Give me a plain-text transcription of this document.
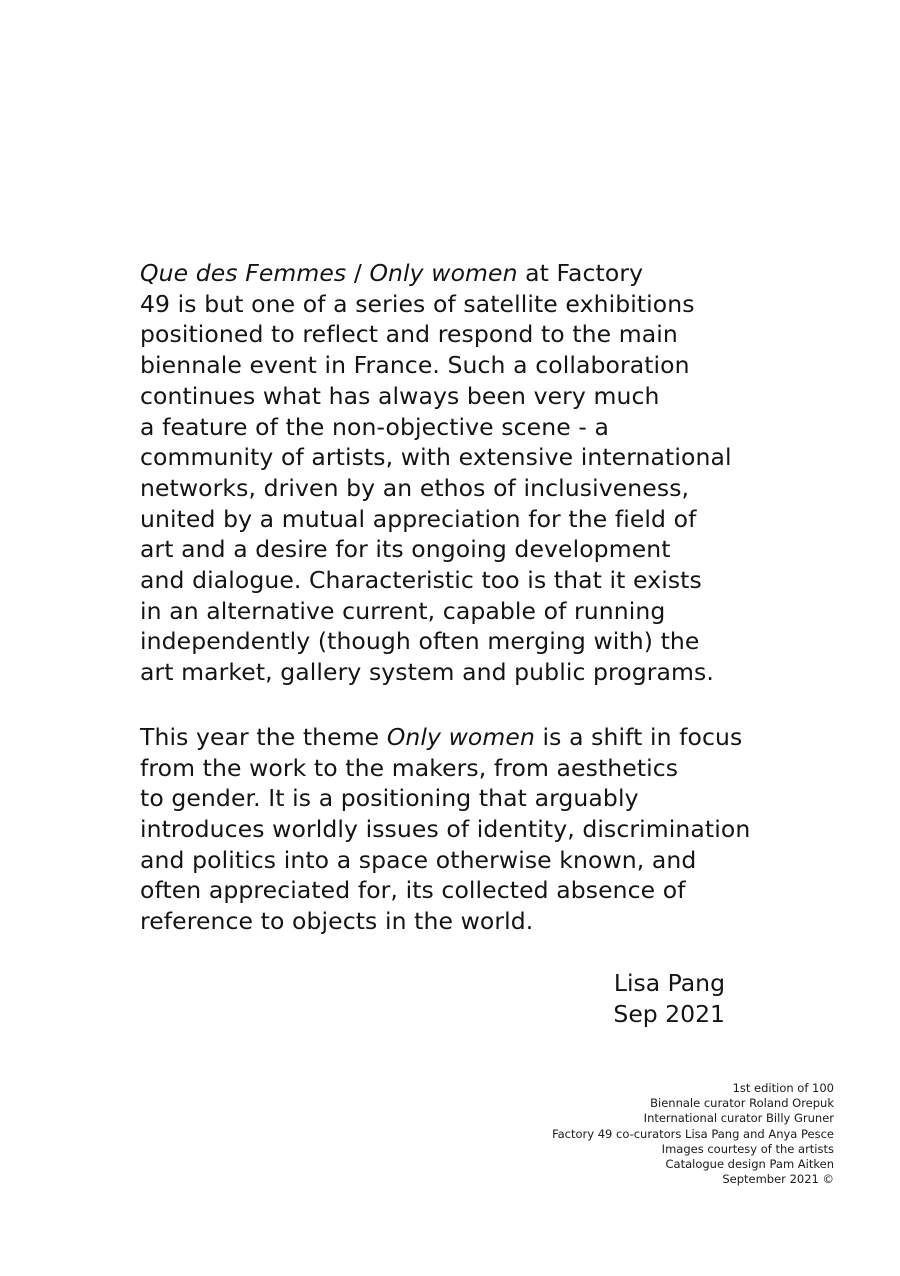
Que des Femmes / Only women at Factory
49 is but one of a series of satellite exhibitions
positioned to reflect and respond to the main
biennale event in France. Such a collaboration
continues what has always been very much
a feature of the non-objective scene - a
community of artists, with extensive international
networks, driven by an ethos of inclusiveness,
united by a mutual appreciation for the field of
art and a desire for its ongoing development
and dialogue. Characteristic too is that it exists
in an alternative current, capable of running
independently (though often merging with) the
art market, gallery system and public programs.
This year the theme Only women is a shift in focus
from the work to the makers, from aesthetics
to gender. It is a positioning that arguably
introduces worldly issues of identity, discrimination
and politics into a space otherwise known, and
often appreciated for, its collected absence of
reference to objects in the world.
Lisa Pang
Sep 2021
1st edition of 100
Biennale curator Roland Orepuk
International curator Billy Gruner
Factory 49 co-curators Lisa Pang and Anya Pesce
Images courtesy of the artists
Catalogue design Pam Aitken
September 2021 ©
